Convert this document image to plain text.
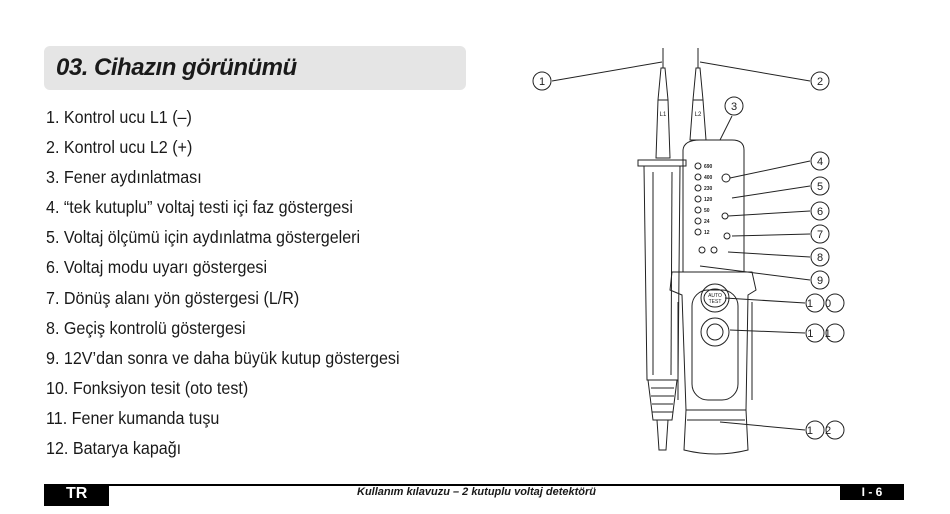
03. Cihazın görünümü
1. Kontrol ucu L1 (–)
2. Kontrol ucu L2 (+)
3. Fener aydınlatması
4. “tek kutuplu” voltaj testi içi faz göstergesi
5. Voltaj ölçümü için aydınlatma göstergeleri
6. Voltaj modu uyarı göstergesi
7. Dönüş alanı yön göstergesi (L/R)
8. Geçiş kontrolü göstergesi
9. 12V’dan sonra ve daha büyük kutup göstergesi
10. Fonksiyon tesit (oto test)
11. Fener kumanda tuşu
12. Batarya kapağı
L1	L2
690
400
230
120
50
24
12
AUTO
TEST
1	2
3
4
5
6
7
8
9
10
11
12
TR	Kullanım kılavuzu – 2 kutuplu voltaj detektörü	I - 6
